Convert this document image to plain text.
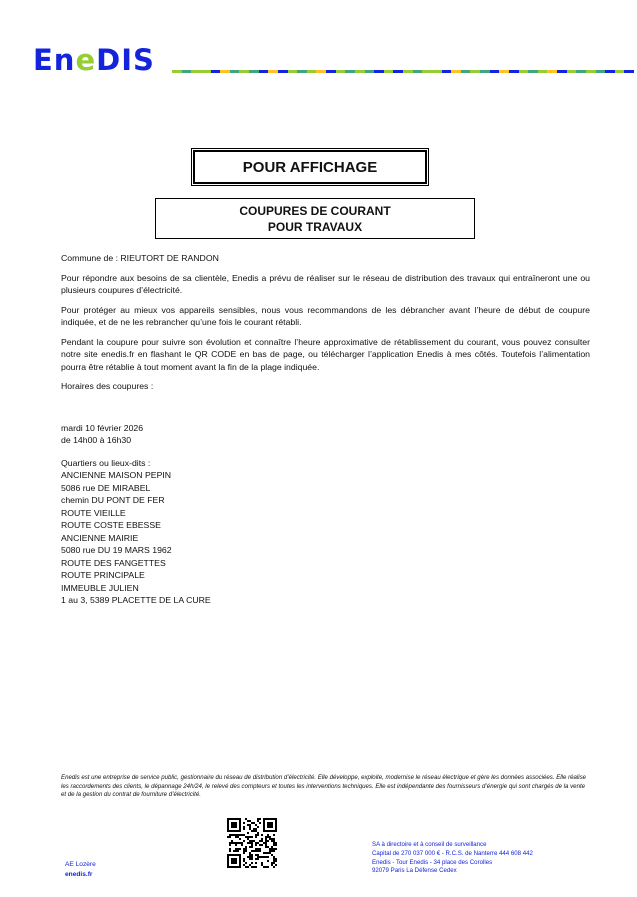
EneDIS
POUR AFFICHAGE
COUPURES DE COURANT
POUR TRAVAUX

Commune de : RIEUTORT DE RANDON

Pour répondre aux besoins de sa clientèle, Enedis a prévu de réaliser sur le réseau de distribution des travaux qui entraîneront une ou plusieurs coupures d’électricité.

Pour protéger au mieux vos appareils sensibles, nous vous recommandons de les débrancher avant l’heure de début de coupure indiquée, et de ne les rebrancher qu’une fois le courant rétabli.

Pendant la coupure pour suivre son évolution et connaître l’heure approximative de rétablissement du courant, vous pouvez consulter notre site enedis.fr en flashant le QR CODE en bas de page, ou télécharger l’application Enedis à mes côtés. Toutefois l’alimentation pourra être rétablie à tout moment avant la fin de la plage indiquée.

Horaires des coupures :

mardi 10 février 2026

de 14h00 à 16h30

Quartiers ou lieux-dits :

ANCIENNE MAISON PEPIN

5086 rue DE MIRABEL

chemin DU PONT DE FER

ROUTE VIEILLE

ROUTE COSTE EBESSE

ANCIENNE MAIRIE

5080 rue DU 19 MARS 1962

ROUTE DES FANGETTES

ROUTE PRINCIPALE

IMMEUBLE JULIEN

1 au 3, 5389 PLACETTE DE LA CURE

Enedis est une entreprise de service public, gestionnaire du réseau de distribution d’électricité. Elle développe, exploite, modernise le réseau électrique et gère les données associées. Elle réalise les raccordements des clients, le dépannage 24h/24, le relevé des compteurs et toutes les interventions techniques. Elle est indépendante des fournisseurs d’énergie qui sont chargés de la vente et de la gestion du contrat de fourniture d’électricité.
AE Lozère
enedis.fr
SA à directoire et à conseil de surveillance
Capital de 270 037 000 € - R.C.S. de Nanterre 444 608 442
Enedis - Tour Enedis - 34 place des Corolles
92079 Paris La Défense Cedex
